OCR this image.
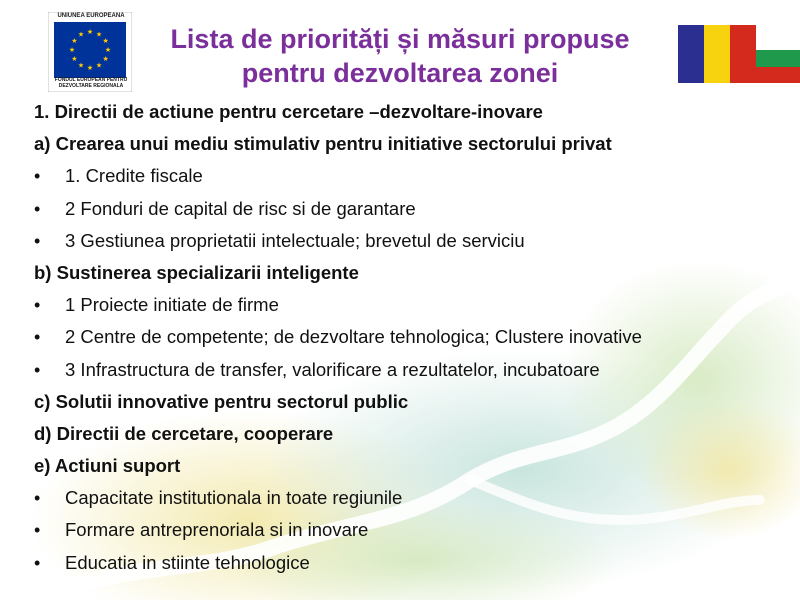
★ ★
★
★
★
★
★
★
★
★
★
★
UNIUNEA EUROPEANA
FONDUL EUROPEAN PENTRU DEZVOLTARE REGIONALA
Lista de priorități și măsuri propuse
pentru dezvoltarea zonei
1. Directii de actiune pentru cercetare –dezvoltare-inovare
a) Crearea unui mediu stimulativ pentru initiative sectorului privat
• 1. Credite fiscale
• 2 Fonduri de capital de risc si de garantare
• 3 Gestiunea proprietatii intelectuale; brevetul de serviciu
b) Sustinerea specializarii inteligente
• 1 Proiecte initiate de firme
• 2 Centre de competente; de dezvoltare tehnologica; Clustere inovative
• 3 Infrastructura de transfer, valorificare a rezultatelor, incubatoare
c) Solutii innovative pentru sectorul public
d) Directii de cercetare, cooperare
e) Actiuni suport
• Capacitate institutionala in toate regiunile
• Formare antreprenoriala si in inovare
• Educatia in stiinte tehnologice
